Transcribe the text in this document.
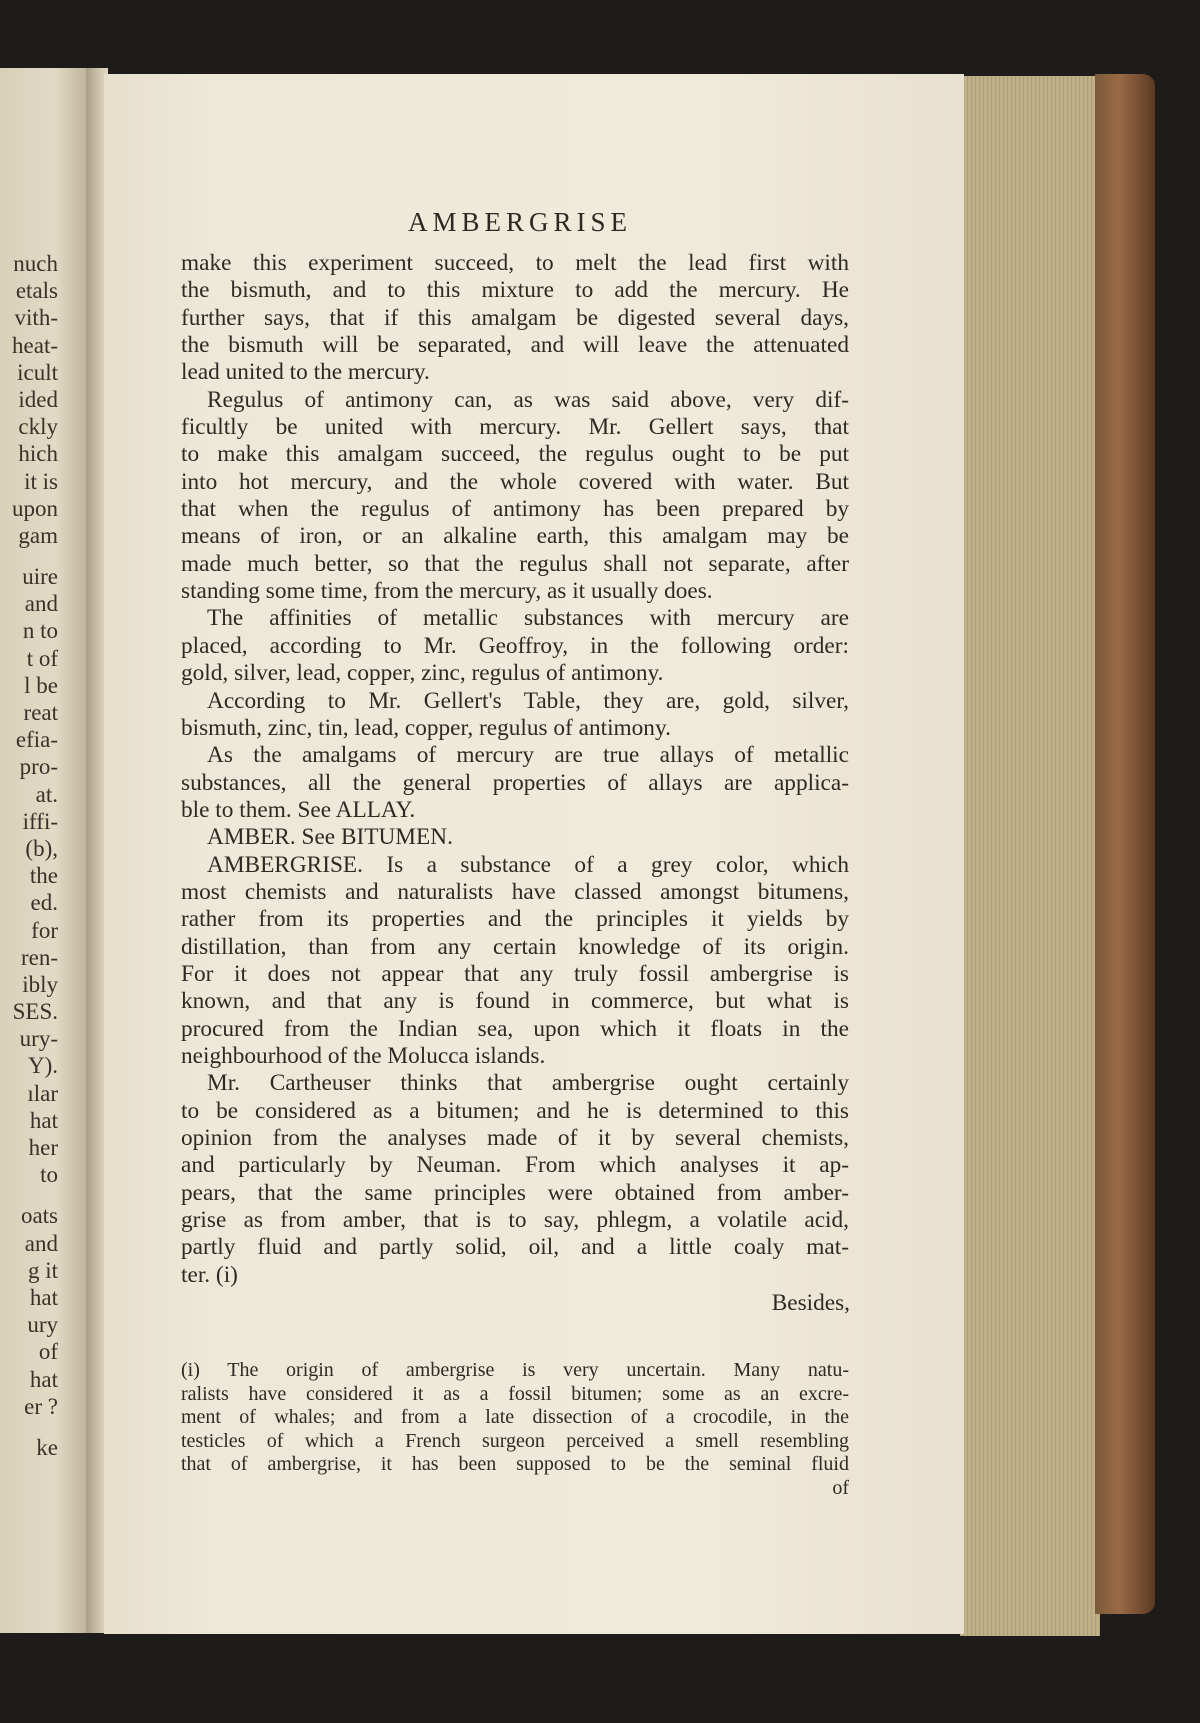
nuch
etals
vith-
heat-
icult
ided
ckly
hich
it is
upon
gam
uire
and
n to
t of
l be
reat
efia-
pro-
at.
iffi-
(b),
the
ed.
for
ren-
ibly
SES.
ury-
Y).
ılar
hat
her
to
oats
and
g it
hat
ury
of
hat
er ?
ke
AMBERGRISE
make this experiment succeed, to melt the lead first with
the bismuth, and to this mixture to add the mercury. He
further says, that if this amalgam be digested several days,
the bismuth will be separated, and will leave the attenuated
lead united to the mercury.
Regulus of antimony can, as was said above, very dif-
ficultly be united with mercury. Mr. Gellert says, that
to make this amalgam succeed, the regulus ought to be put
into hot mercury, and the whole covered with water. But
that when the regulus of antimony has been prepared by
means of iron, or an alkaline earth, this amalgam may be
made much better, so that the regulus shall not separate, after
standing some time, from the mercury, as it usually does.
The affinities of metallic substances with mercury are
placed, according to Mr. Geoffroy, in the following order:
gold, silver, lead, copper, zinc, regulus of antimony.
According to Mr. Gellert's Table, they are, gold, silver,
bismuth, zinc, tin, lead, copper, regulus of antimony.
As the amalgams of mercury are true allays of metallic
substances, all the general properties of allays are applica-
ble to them. See ALLAY.
AMBER. See BITUMEN.
AMBERGRISE. Is a substance of a grey color, which
most chemists and naturalists have classed amongst bitumens,
rather from its properties and the principles it yields by
distillation, than from any certain knowledge of its origin.
For it does not appear that any truly fossil ambergrise is
known, and that any is found in commerce, but what is
procured from the Indian sea, upon which it floats in the
neighbourhood of the Molucca islands.
Mr. Cartheuser thinks that ambergrise ought certainly
to be considered as a bitumen; and he is determined to this
opinion from the analyses made of it by several chemists,
and particularly by Neuman. From which analyses it ap-
pears, that the same principles were obtained from amber-
grise as from amber, that is to say, phlegm, a volatile acid,
partly fluid and partly solid, oil, and a little coaly mat-
ter. (i)
Besides,
(i) The origin of ambergrise is very uncertain. Many natu-
ralists have considered it as a fossil bitumen; some as an excre-
ment of whales; and from a late dissection of a crocodile, in the
testicles of which a French surgeon perceived a smell resembling
that of ambergrise, it has been supposed to be the seminal fluid
of
